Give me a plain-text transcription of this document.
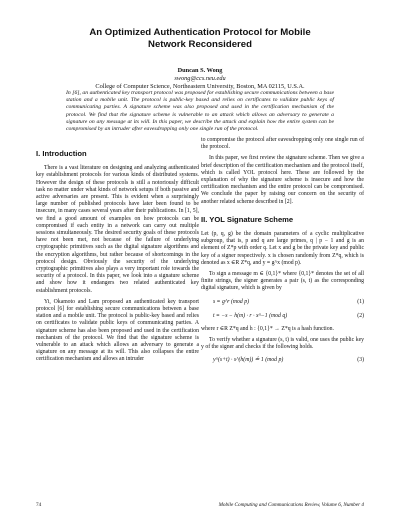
An Optimized Authentication Protocol for Mobile
Network Reconsidered
Duncan S. Wong
swong@ccs.neu.edu
College of Computer Science, Northeastern University, Boston, MA 02115, U.S.A.
In [6], an authenticated key transport protocol was proposed for establishing secure communications between a base station and a mobile unit. The protocol is public-key based and relies on certificates to validate public keys of communicating parties. A signature scheme was also proposed and used in the certification mechanism of the protocol. We find that the signature scheme is vulnerable to an attack which allows an adversary to generate a signature on any message at its will. In this paper, we describe the attack and explain how the entire system can be compromised by an intruder after eavesdropping only one single run of the protocol.
I. Introduction

There is a vast literature on designing and analyzing authenticated key establishment protocols for various kinds of distributed systems. However the design of these protocols is still a notoriously difficult task no matter under what kinds of network setups if both passive and active adversaries are present. This is evident when a surprisingly large number of published protocols have later been found to be insecure, in many cases several years after their publications. In [1, 5], we find a good amount of examples on how protocols can be compromised if each entity in a network can carry out multiple sessions simultaneously. The desired security goals of these protocols have not been met, not because of the failure of underlying cryptographic primitives such as the digital signature algorithms and the encryption algorithms, but rather because of shortcomings in the protocol design. Obviously the security of the underlying cryptographic primitives also plays a very important role towards the security of a protocol. In this paper, we look into a signature scheme and show how it endangers two related authenticated key establishment protocols.

Yi, Okamoto and Lam proposed an authenticated key transport protocol [6] for establishing secure communications between a base station and a mobile unit. The protocol is public-key based and relies on certificates to validate public keys of communicating parties. A signature scheme has also been proposed and used in the certification mechanism of the protocol. We find that the signature scheme is vulnerable to an attack which allows an adversary to generate a signature on any message at its will. This also collapses the entire certification mechanism and allows an intruder

to compromise the protocol after eavesdropping only one single run of the protocol.

In this paper, we first review the signature scheme. Then we give a brief description of the certification mechanism and the protocol itself, which is called YOL protocol here. These are followed by the explanation of why the signature scheme is insecure and how the certification mechanism and the entire protocol can be compromised. We conclude the paper by raising our concern on the security of another related scheme described in [2].

II. YOL Signature Scheme

Let (p, q, g) be the domain parameters of a cyclic multiplicative subgroup, that is, p and q are large primes, q | p − 1 and g is an element of Z*p with order q. Let x and g be the private key and public key of a signer respectively. x is chosen randomly from Z*q, which is denoted as x ∈R Z*q, and y ≡ g^x (mod p).

To sign a message m ∈ {0,1}* where {0,1}* denotes the set of all finite strings, the signer generates a pair (s, t) as the corresponding digital signature, which is given by

s ≡ g^r (mod p)	(1)
t ≡ −s − h(m) · r · x^−1 (mod q)	(2)

where r ∈R Z*q and h : {0,1}* → Z*q is a hash function.

To verify whether a signature (s, t) is valid, one uses the public key y of the signer and checks if the following holds.

y^(s+t) · s^(h(m)) ≟ 1 (mod p)	(3)
74	Mobile Computing and Communications Review, Volume 6, Number 4
